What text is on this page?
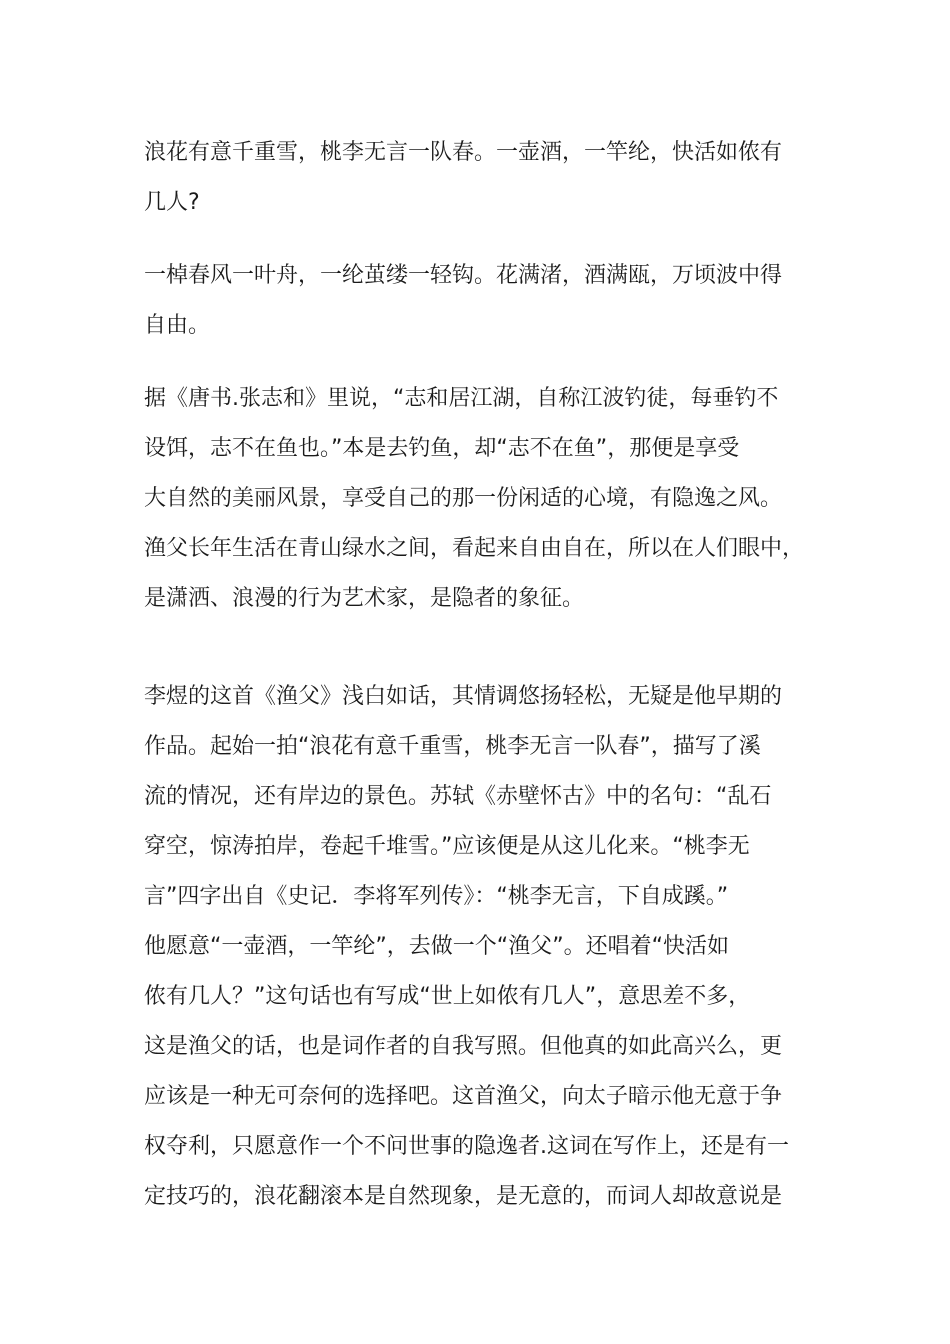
浪花有意千重雪，桃李无言一队春。一壶酒，一竿纶，快活如侬有
几人?

一棹春风一叶舟，一纶茧缕一轻钩。花满渚，酒满瓯，万顷波中得
自由。

据《唐书.张志和》里说，“志和居江湖，自称江波钓徒，每垂钓不
设饵，志不在鱼也。”本是去钓鱼，却“志不在鱼”，那便是享受
大自然的美丽风景，享受自己的那一份闲适的心境，有隐逸之风。
渔父长年生活在青山绿水之间，看起来自由自在，所以在人们眼中，
是潇洒、浪漫的行为艺术家，是隐者的象征。

李煜的这首《渔父》浅白如话，其情调悠扬轻松，无疑是他早期的
作品。起始一拍“浪花有意千重雪，桃李无言一队春”，描写了溪
流的情况，还有岸边的景色。苏轼《赤壁怀古》中的名句：“乱石
穿空，惊涛拍岸，卷起千堆雪。”应该便是从这儿化来。“桃李无
言”四字出自《史记．李将军列传》：“桃李无言，下自成蹊。”
他愿意“一壶酒，一竿纶”，去做一个“渔父”。还唱着“快活如
侬有几人？”这句话也有写成“世上如侬有几人”，意思差不多，
这是渔父的话，也是词作者的自我写照。但他真的如此高兴么，更
应该是一种无可奈何的选择吧。这首渔父，向太子暗示他无意于争
权夺利，只愿意作一个不问世事的隐逸者.这词在写作上，还是有一
定技巧的，浪花翻滚本是自然现象，是无意的，而词人却故意说是
